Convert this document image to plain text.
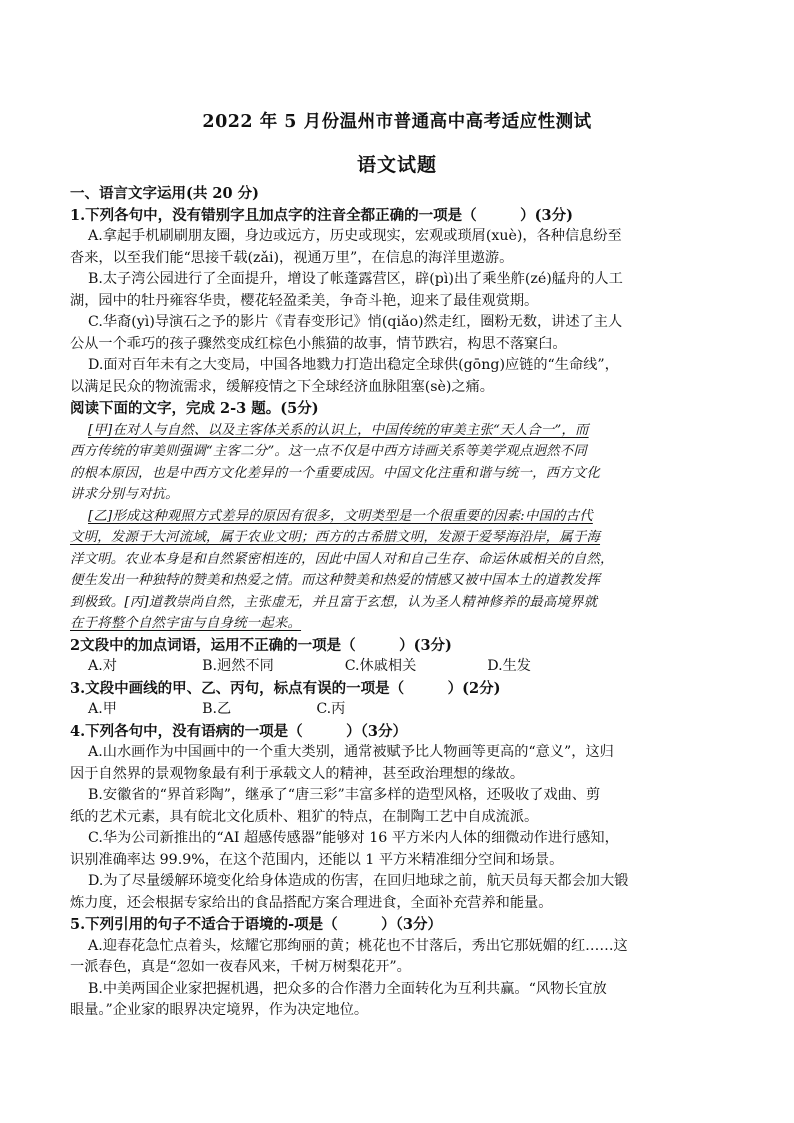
2022 年 5 月份温州市普通高中高考适应性测试
语文试题
一、语言文字运用(共 20 分)
1.下列各句中，没有错别字且加点字的注音全都正确的一项是（　　　）(3分)
A.拿起手机刷刷朋友圈，身边或远方，历史或现实，宏观或琐屑(xuè)，各种信息纷至
沓来，以至我们能“思接千载(zǎi)，视通万里”，在信息的海洋里遨游。
B.太子湾公园进行了全面提升，增设了帐蓬露营区，辟(pì)出了乘坐舴(zé)艋舟的人工
湖，园中的牡丹雍容华贵，樱花轻盈柔美，争奇斗艳，迎来了最佳观赏期。
C.华裔(yì)导演石之予的影片《青春变形记》悄(qiǎo)然走红，圈粉无数，讲述了主人
公从一个乖巧的孩子骤然变成红棕色小熊猫的故事，情节跌宕，构思不落窠臼。
D.面对百年未有之大变局，中国各地戮力打造出稳定全球供(gōng)应链的“生命线”，
以满足民众的物流需求，缓解疫情之下全球经济血脉阻塞(sè)之痛。
阅读下面的文字，完成 2-3 题。(5分)
[甲]在对人与自然、以及主客体关系的认识上，中国传统的审美主张“天人合一”，而
西方传统的审美则强调“主客二分”。这一点不仅是中西方诗画关系等美学观点迥然不同
的根本原因，也是中西方文化差异的一个重要成因。中国文化注重和谐与统一，西方文化
讲求分别与对抗。
[乙]形成这种观照方式差异的原因有很多，文明类型是一个很重要的因素:中国的古代
文明，发源于大河流域，属于农业文明；西方的古希腊文明，发源于爱琴海沿岸，属于海
洋文明。农业本身是和自然紧密相连的，因此中国人对和自己生存、命运休戚相关的自然，
便生发出一种独特的赞美和热爱之情。而这种赞美和热爱的情感又被中国本土的道教发挥
到极致。[丙]道教崇尚自然，主张虚无，并且富于玄想，认为圣人精神修养的最高境界就
在于将整个自然宇宙与自身统一起来。
2文段中的加点词语，运用不正确的一项是（　　　）(3分)
A.对　　　　　　B.迥然不同　　　　　C.休戚相关　　　　　D.生发
3.文段中画线的甲、乙、丙句，标点有误的一项是（　　　）(2分)
A.甲　　　　　　B.乙　　　　　　C.丙
4.下列各句中，没有语病的一项是（　　　）（3分）
A.山水画作为中国画中的一个重大类别，通常被赋予比人物画等更高的“意义”，这归
因于自然界的景观物象最有利于承载文人的精神，甚至政治理想的缘故。
B.安徽省的“界首彩陶”，继承了“唐三彩”丰富多样的造型风格，还吸收了戏曲、剪
纸的艺术元素，具有皖北文化质朴、粗犷的特点，在制陶工艺中自成流派。
C.华为公司新推出的“AI 超感传感器”能够对 16 平方米内人体的细微动作进行感知，
识别准确率达 99.9%，在这个范围内，还能以 1 平方米精准细分空间和场景。
D.为了尽量缓解环境变化给身体造成的伤害，在回归地球之前，航天员每天都会加大锻
炼力度，还会根据专家给出的食品搭配方案合理进食，全面补充营养和能量。
5.下列引用的句子不适合于语境的-项是（　　　）（3分）
A.迎春花急忙点着头，炫耀它那绚丽的黄；桃花也不甘落后，秀出它那妩媚的红……这
一派春色，真是“忽如一夜春风来，千树万树梨花开”。
B.中美两国企业家把握机遇，把众多的合作潜力全面转化为互利共赢。“风物长宜放
眼量。”企业家的眼界决定境界，作为决定地位。
